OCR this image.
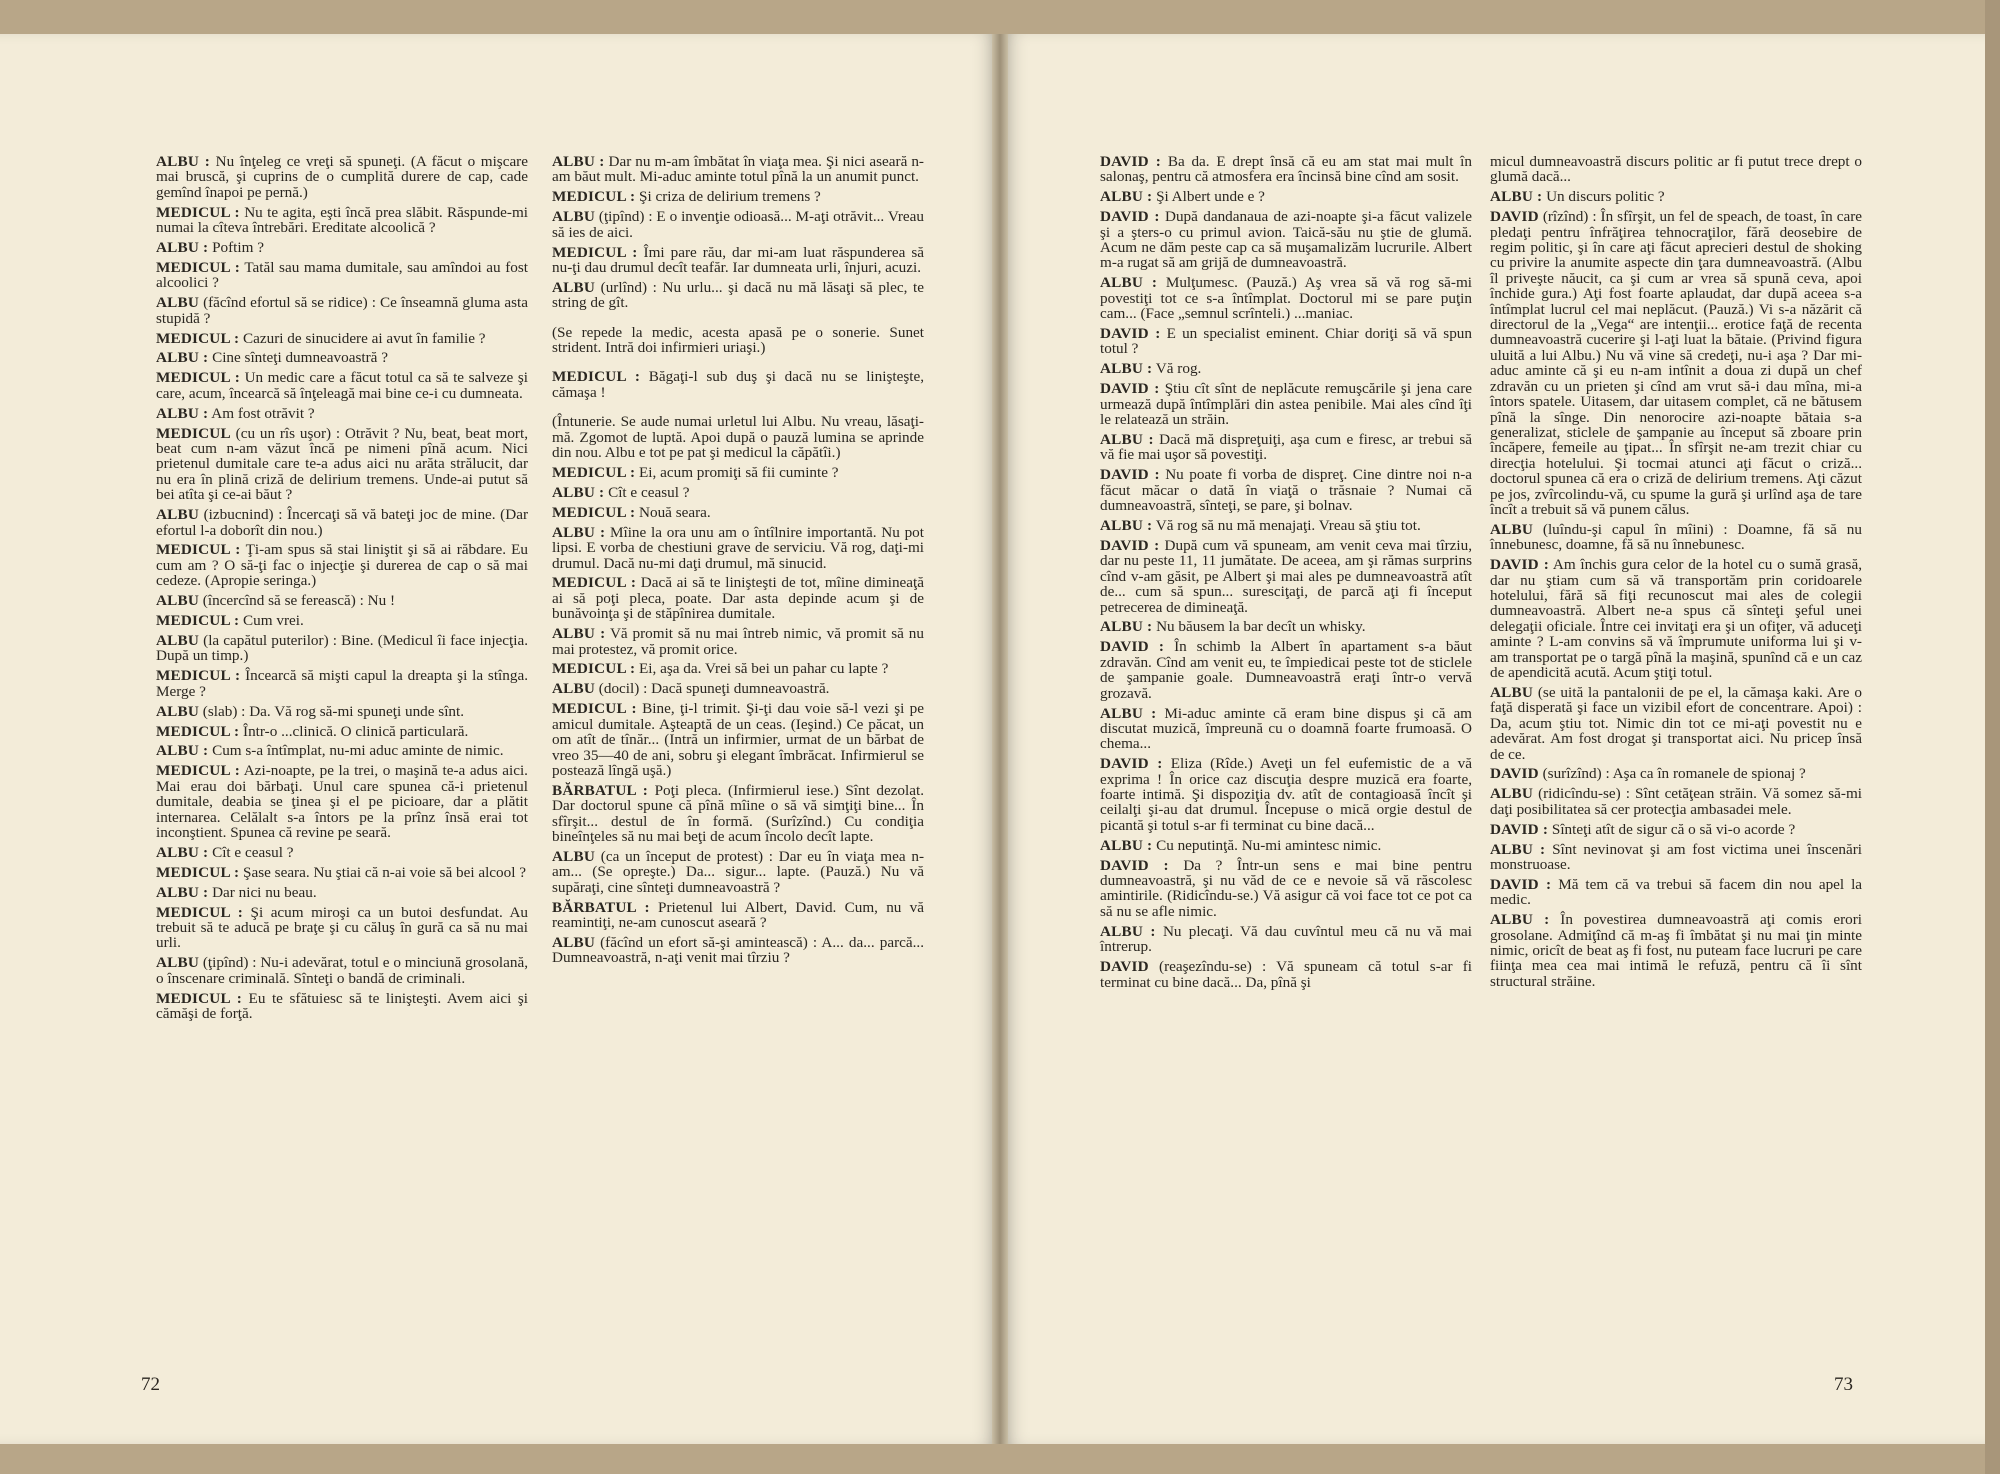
ALBU : Nu înţeleg ce vreţi să spuneţi. (A făcut o mişcare mai bruscă, şi cuprins de o cumplită durere de cap, cade gemînd înapoi pe pernă.)

MEDICUL : Nu te agita, eşti încă prea slăbit. Răspunde-mi numai la cîteva întrebări. Ereditate alcoolică ?

ALBU : Poftim ?

MEDICUL : Tatăl sau mama dumitale, sau amîndoi au fost alcoolici ?

ALBU (făcînd efortul să se ridice) : Ce înseamnă gluma asta stupidă ?

MEDICUL : Cazuri de sinucidere ai avut în familie ?

ALBU : Cine sînteţi dumneavoastră ?

MEDICUL : Un medic care a făcut totul ca să te salveze şi care, acum, încearcă să înţeleagă mai bine ce-i cu dumneata.

ALBU : Am fost otrăvit ?

MEDICUL (cu un rîs uşor) : Otrăvit ? Nu, beat, beat mort, beat cum n-am văzut încă pe nimeni pînă acum. Nici prietenul dumitale care te-a adus aici nu arăta strălucit, dar nu era în plină criză de delirium tremens. Unde-ai putut să bei atîta şi ce-ai băut ?

ALBU (izbucnind) : Încercaţi să vă bateţi joc de mine. (Dar efortul l-a doborît din nou.)

MEDICUL : Ţi-am spus să stai liniştit şi să ai răbdare. Eu cum am ? O să-ţi fac o injecţie şi durerea de cap o să mai cedeze. (Apropie seringa.)

ALBU (încercînd să se ferească) : Nu !

MEDICUL : Cum vrei.

ALBU (la capătul puterilor) : Bine. (Medicul îi face injecţia. După un timp.)

MEDICUL : Încearcă să mişti capul la dreapta şi la stînga. Merge ?

ALBU (slab) : Da. Vă rog să-mi spuneţi unde sînt.

MEDICUL : Într-o ...clinică. O clinică particulară.

ALBU : Cum s-a întîmplat, nu-mi aduc aminte de nimic.

MEDICUL : Azi-noapte, pe la trei, o maşină te-a adus aici. Mai erau doi bărbaţi. Unul care spunea că-i prietenul dumitale, deabia se ţinea şi el pe picioare, dar a plătit internarea. Celălalt s-a întors pe la prînz însă erai tot inconştient. Spunea că revine pe seară.

ALBU : Cît e ceasul ?

MEDICUL : Şase seara. Nu ştiai că n-ai voie să bei alcool ?

ALBU : Dar nici nu beau.

MEDICUL : Şi acum miroşi ca un butoi desfundat. Au trebuit să te aducă pe braţe şi cu căluş în gură ca să nu mai urli.

ALBU (ţipînd) : Nu-i adevărat, totul e o minciună grosolană, o înscenare criminală. Sînteţi o bandă de criminali.

MEDICUL : Eu te sfătuiesc să te linişteşti. Avem aici şi cămăşi de forţă.

ALBU : Dar nu m-am îmbătat în viaţa mea. Şi nici aseară n-am băut mult. Mi-aduc aminte totul pînă la un anumit punct.

MEDICUL : Şi criza de delirium tremens ?

ALBU (ţipînd) : E o invenţie odioasă... M-aţi otrăvit... Vreau să ies de aici.

MEDICUL : Îmi pare rău, dar mi-am luat răspunderea să nu-ţi dau drumul decît teafăr. Iar dumneata urli, înjuri, acuzi.

ALBU (urlînd) : Nu urlu... şi dacă nu mă lăsaţi să plec, te string de gît.

(Se repede la medic, acesta apasă pe o sonerie. Sunet strident. Intră doi infirmieri uriaşi.)

MEDICUL : Băgaţi-l sub duş şi dacă nu se linişteşte, cămaşa !

(Întunerie. Se aude numai urletul lui Albu. Nu vreau, lăsaţi-mă. Zgomot de luptă. Apoi după o pauză lumina se aprinde din nou. Albu e tot pe pat şi medicul la căpătîi.)

MEDICUL : Ei, acum promiţi să fii cuminte ?

ALBU : Cît e ceasul ?

MEDICUL : Nouă seara.

ALBU : Mîine la ora unu am o întîlnire importantă. Nu pot lipsi. E vorba de chestiuni grave de serviciu. Vă rog, daţi-mi drumul. Dacă nu-mi daţi drumul, mă sinucid.

MEDICUL : Dacă ai să te linişteşti de tot, mîine dimineaţă ai să poţi pleca, poate. Dar asta depinde acum şi de bunăvoinţa şi de stăpînirea dumitale.

ALBU : Vă promit să nu mai întreb nimic, vă promit să nu mai protestez, vă promit orice.

MEDICUL : Ei, aşa da. Vrei să bei un pahar cu lapte ?

ALBU (docil) : Dacă spuneţi dumneavoastră.

MEDICUL : Bine, ţi-l trimit. Şi-ţi dau voie să-l vezi şi pe amicul dumitale. Aşteaptă de un ceas. (Ieşind.) Ce păcat, un om atît de tînăr... (Intră un infirmier, urmat de un bărbat de vreo 35—40 de ani, sobru şi elegant îmbrăcat. Infirmierul se postează lîngă uşă.)

BĂRBATUL : Poţi pleca. (Infirmierul iese.) Sînt dezolat. Dar doctorul spune că pînă mîine o să vă simţiţi bine... În sfîrşit... destul de în formă. (Surîzînd.) Cu condiţia bineînţeles să nu mai beţi de acum încolo decît lapte.

ALBU (ca un început de protest) : Dar eu în viaţa mea n-am... (Se opreşte.) Da... sigur... lapte. (Pauză.) Nu vă supăraţi, cine sînteţi dumneavoastră ?

BĂRBATUL : Prietenul lui Albert, David. Cum, nu vă reamintiţi, ne-am cunoscut aseară ?

ALBU (făcînd un efort să-şi amintească) : A... da... parcă... Dumneavoastră, n-aţi venit mai tîrziu ?

72

DAVID : Ba da. E drept însă că eu am stat mai mult în salonaş, pentru că atmosfera era încinsă bine cînd am sosit.

ALBU : Şi Albert unde e ?

DAVID : După dandanaua de azi-noapte şi-a făcut valizele şi a şters-o cu primul avion. Taică-său nu ştie de glumă. Acum ne dăm peste cap ca să muşamalizăm lucrurile. Albert m-a rugat să am grijă de dumneavoastră.

ALBU : Mulţumesc. (Pauză.) Aş vrea să vă rog să-mi povestiţi tot ce s-a întîmplat. Doctorul mi se pare puţin cam... (Face „semnul scrînteli.) ...maniac.

DAVID : E un specialist eminent. Chiar doriţi să vă spun totul ?

ALBU : Vă rog.

DAVID : Ştiu cît sînt de neplăcute remuşcările şi jena care urmează după întîmplări din astea penibile. Mai ales cînd îţi le relatează un străin.

ALBU : Dacă mă dispreţuiţi, aşa cum e firesc, ar trebui să vă fie mai uşor să povestiţi.

DAVID : Nu poate fi vorba de dispreţ. Cine dintre noi n-a făcut măcar o dată în viaţă o trăsnaie ? Numai că dumneavoastră, sînteţi, se pare, şi bolnav.

ALBU : Vă rog să nu mă menajaţi. Vreau să ştiu tot.

DAVID : După cum vă spuneam, am venit ceva mai tîrziu, dar nu peste 11, 11 jumătate. De aceea, am şi rămas surprins cînd v-am găsit, pe Albert şi mai ales pe dumneavoastră atît de... cum să spun... suresciţaţi, de parcă aţi fi început petrecerea de dimineaţă.

ALBU : Nu băusem la bar decît un whisky.

DAVID : În schimb la Albert în apartament s-a băut zdravăn. Cînd am venit eu, te împiedicai peste tot de sticlele de şampanie goale. Dumneavoastră eraţi într-o vervă grozavă.

ALBU : Mi-aduc aminte că eram bine dispus şi că am discutat muzică, împreună cu o doamnă foarte frumoasă. O chema...

DAVID : Eliza (Rîde.) Aveţi un fel eufemistic de a vă exprima ! În orice caz discuţia despre muzică era foarte, foarte intimă. Şi dispoziţia dv. atît de contagioasă încît şi ceilalţi şi-au dat drumul. Începuse o mică orgie destul de picantă şi totul s-ar fi terminat cu bine dacă...

ALBU : Cu neputinţă. Nu-mi amintesc nimic.

DAVID : Da ? Într-un sens e mai bine pentru dumneavoastră, şi nu văd de ce e nevoie să vă răscolesc amintirile. (Ridicîndu-se.) Vă asigur că voi face tot ce pot ca să nu se afle nimic.

ALBU : Nu plecaţi. Vă dau cuvîntul meu că nu vă mai întrerup.

DAVID (reaşezîndu-se) : Vă spuneam că totul s-ar fi terminat cu bine dacă... Da, pînă şi

micul dumneavoastră discurs politic ar fi putut trece drept o glumă dacă...

ALBU : Un discurs politic ?

DAVID (rîzînd) : În sfîrşit, un fel de speach, de toast, în care pledaţi pentru înfrăţirea tehnocraţilor, fără deosebire de regim politic, şi în care aţi făcut aprecieri destul de shoking cu privire la anumite aspecte din ţara dumneavoastră. (Albu îl priveşte năucit, ca şi cum ar vrea să spună ceva, apoi închide gura.) Aţi fost foarte aplaudat, dar după aceea s-a întîmplat lucrul cel mai neplăcut. (Pauză.) Vi s-a năzărit că directorul de la „Vega“ are intenţii... erotice faţă de recenta dumneavoastră cucerire şi l-aţi luat la bătaie. (Privind figura uluită a lui Albu.) Nu vă vine să credeţi, nu-i aşa ? Dar mi-aduc aminte că şi eu n-am intînit a doua zi după un chef zdravăn cu un prieten şi cînd am vrut să-i dau mîna, mi-a întors spatele. Uitasem, dar uitasem complet, că ne bătusem pînă la sînge. Din nenorocire azi-noapte bătaia s-a generalizat, sticlele de şampanie au început să zboare prin încăpere, femeile au ţipat... În sfîrşit ne-am trezit chiar cu direcţia hotelului. Şi tocmai atunci aţi făcut o criză... doctorul spunea că era o criză de delirium tremens. Aţi căzut pe jos, zvîrcolindu-vă, cu spume la gură şi urlînd aşa de tare încît a trebuit să vă punem călus.

ALBU (luîndu-şi capul în mîini) : Doamne, fă să nu înnebunesc, doamne, fă să nu înnebunesc.

DAVID : Am închis gura celor de la hotel cu o sumă grasă, dar nu ştiam cum să vă transportăm prin coridoarele hotelului, fără să fiţi recunoscut mai ales de colegii dumneavoastră. Albert ne-a spus că sînteţi şeful unei delegaţii oficiale. Între cei invitaţi era şi un ofiţer, vă aduceţi aminte ? L-am convins să vă împrumute uniforma lui şi v-am transportat pe o targă pînă la maşină, spunînd că e un caz de apendicită acută. Acum ştiţi totul.

ALBU (se uită la pantalonii de pe el, la cămaşa kaki. Are o faţă disperată şi face un vizibil efort de concentrare. Apoi) : Da, acum ştiu tot. Nimic din tot ce mi-aţi povestit nu e adevărat. Am fost drogat şi transportat aici. Nu pricep însă de ce.

DAVID (surîzînd) : Aşa ca în romanele de spionaj ?

ALBU (ridicîndu-se) : Sînt cetăţean străin. Vă somez să-mi daţi posibilitatea să cer protecţia ambasadei mele.

DAVID : Sînteţi atît de sigur că o să vi-o acorde ?

ALBU : Sînt nevinovat şi am fost victima unei înscenări monstruoase.

DAVID : Mă tem că va trebui să facem din nou apel la medic.

ALBU : În povestirea dumneavoastră aţi comis erori grosolane. Admiţînd că m-aş fi îmbătat şi nu mai ţin minte nimic, oricît de beat aş fi fost, nu puteam face lucruri pe care fiinţa mea cea mai intimă le refuză, pentru că îi sînt structural străine.

73
